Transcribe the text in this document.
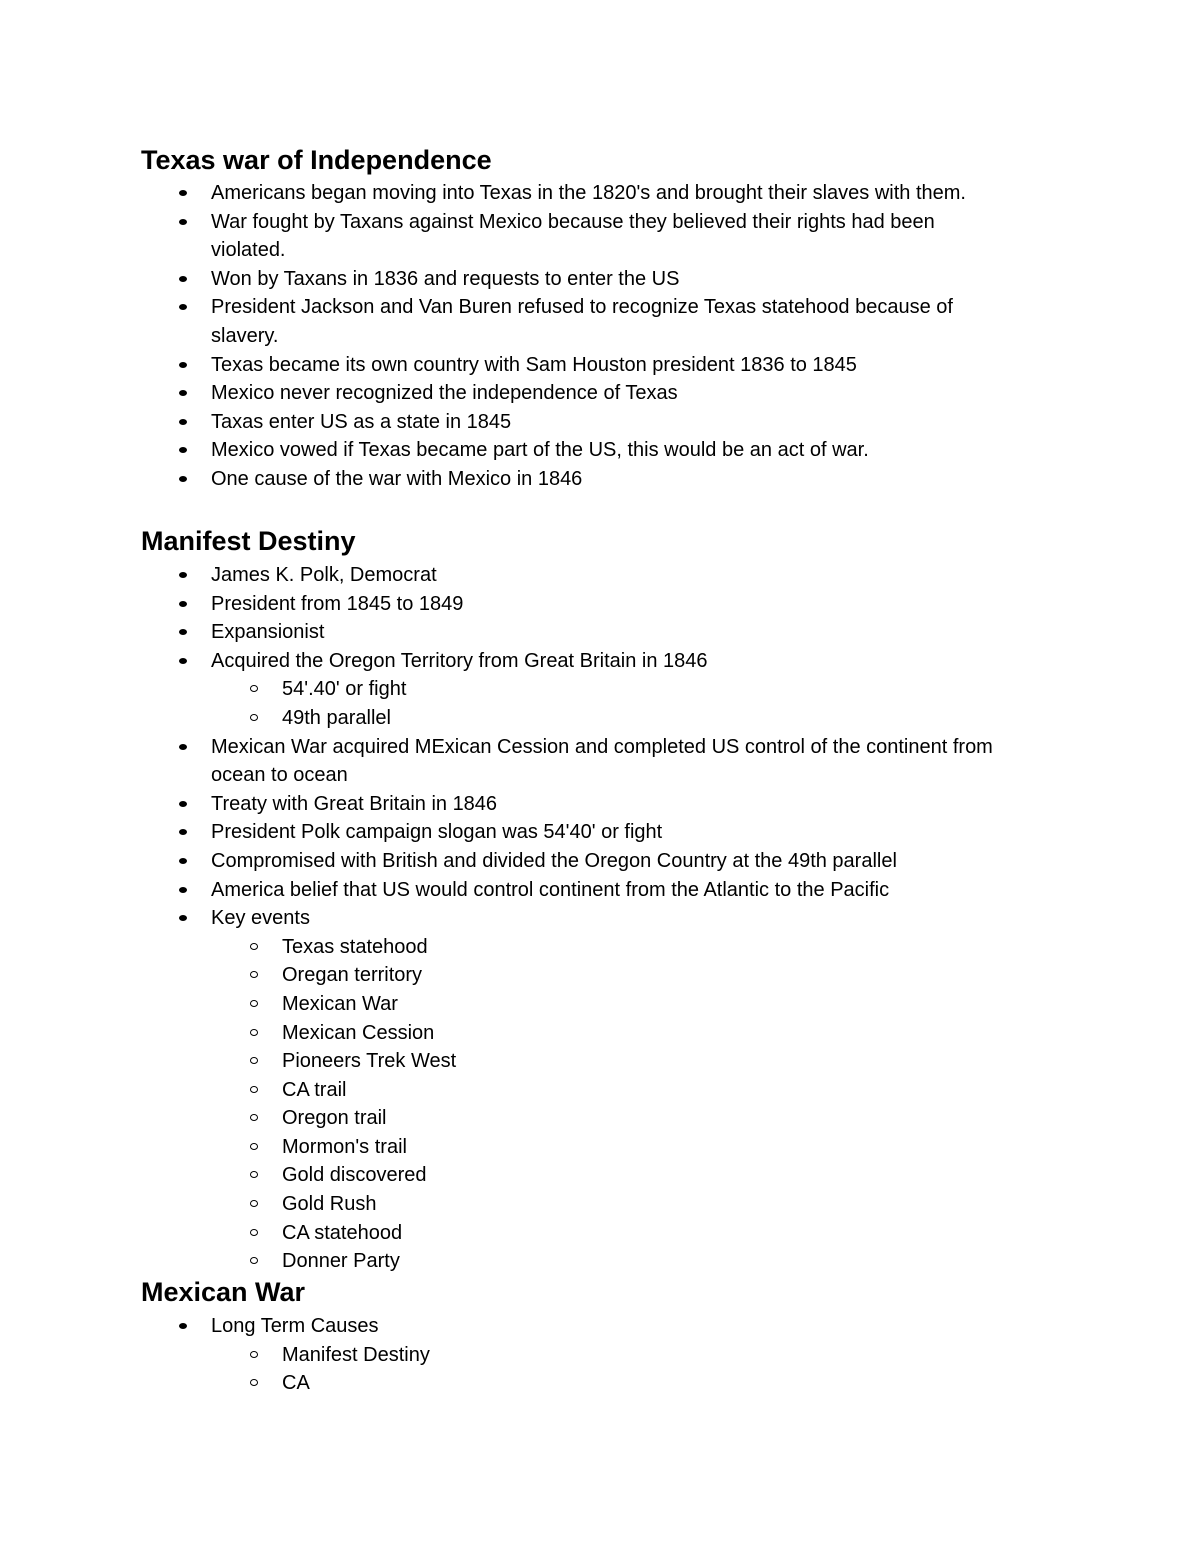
Texas war of Independence
Americans began moving into Texas in the 1820's and brought their slaves with them.
War fought by Taxans against Mexico because they believed their rights had been
violated.
Won by Taxans in 1836 and requests to enter the US
President Jackson and Van Buren refused to recognize Texas statehood because of
slavery.
Texas became its own country with Sam Houston president 1836 to 1845
Mexico never recognized the independence of Texas
Taxas enter US as a state in 1845
Mexico vowed if Texas became part of the US, this would be an act of war.
One cause of the war with Mexico in 1846
Manifest Destiny
James K. Polk, Democrat
President from 1845 to 1849
Expansionist
Acquired the Oregon Territory from Great Britain in 1846
54'.40' or fight
49th parallel
Mexican War acquired MExican Cession and completed US control of the continent from
ocean to ocean
Treaty with Great Britain in 1846
President Polk campaign slogan was 54'40' or fight
Compromised with British and divided the Oregon Country at the 49th parallel
America belief that US would control continent from the Atlantic to the Pacific
Key events
Texas statehood
Oregan territory
Mexican War
Mexican Cession
Pioneers Trek West
CA trail
Oregon trail
Mormon's trail
Gold discovered
Gold Rush
CA statehood
Donner Party
Mexican War
Long Term Causes
Manifest Destiny
CA
